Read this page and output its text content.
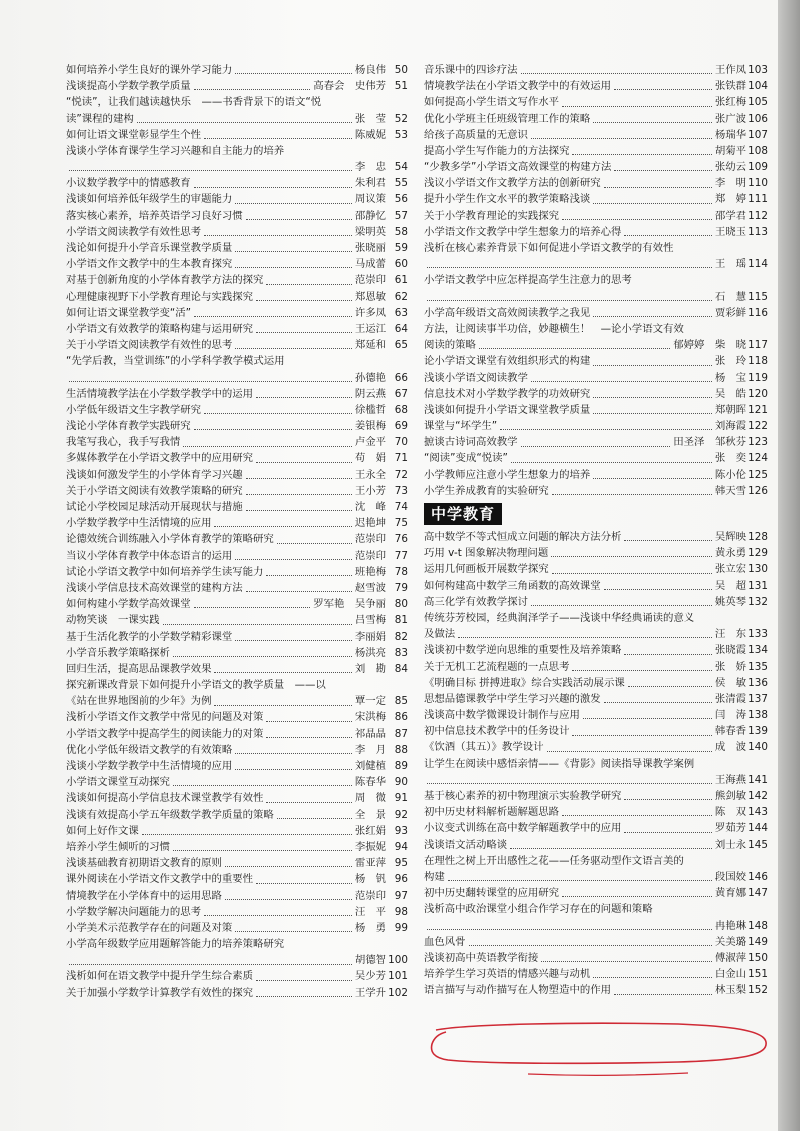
如何培养小学生良好的课外学习能力	杨良伟 50
浅谈提高小学数学教学质量	高春会　史伟芳 51
“悦读”，让我们越读越快乐　——书香背景下的语文“悦
读”课程的建构	张　莹 52
如何让语文课堂彰显学生个性	陈威妮 53
浅谈小学体育课学生学习兴趣和自主能力的培养
李　忠 54
小议数学教学中的情感教育	朱利君 55
浅谈如何培养低年级学生的审题能力	周议策 56
落实核心素养，培养英语学习良好习惯	邵静忆 57
小学语文阅读教学有效性思考	梁明英 58
浅论如何提升小学音乐课堂教学质量	张晓丽 59
小学语文作文教学中的生本教育探究	马成蕾 60
对基于创新角度的小学体育教学方法的探究	范崇印 61
心理健康视野下小学教育理论与实践探究	郑恩敏 62
如何让语文课堂教学变“活”	许多凤 63
小学语文有效教学的策略构建与运用研究	王运江 64
关于小学语文阅读教学有效性的思考	郑延和 65
“先学后教，当堂训练”的小学科学教学模式运用
孙德艳 66
生活情境教学法在小学数学教学中的运用	阴云燕 67
小学低年级语文生字教学研究	徐槛哲 68
浅论小学体育教学实践研究	姜银梅 69
我笔写我心，我手写我情	卢金平 70
多媒体教学在小学语文教学中的应用研究	苟　娟 71
浅谈如何激发学生的小学体育学习兴趣	王永全 72
关于小学语文阅读有效教学策略的研究	王小芳 73
试论小学校园足球活动开展现状与措施	沈　峰 74
小学数学教学中生活情境的应用	迟艳坤 75
论德效统合训练融入小学体育教学的策略研究	范崇印 76
当议小学体育教学中体态语言的运用	范崇印 77
试论小学语文教学中如何培养学生读写能力	班艳梅 78
浅谈小学信息技术高效课堂的建构方法	赵雪波 79
如何构建小学数学高效课堂	罗军艳　吴争丽 80
动物笑谈　一课实践	吕雪梅 81
基于生活化教学的小学数学精彩课堂	李丽娟 82
小学音乐教学策略探析	杨洪亮 83
回归生活，提高思品课教学效果	刘　勘 84
探究新课改背景下如何提升小学语文的教学质量　——以
《站在世界地图前的少年》为例	覃一定 85
浅析小学语文作文教学中常见的问题及对策	宋洪梅 86
小学语文教学中提高学生的阅读能力的对策	祁晶晶 87
优化小学低年级语文教学的有效策略	李　月 88
浅谈小学数学教学中生活情境的应用	刘健植 89
小学语文课堂互动探究	陈春华 90
浅谈如何提高小学信息技术课堂教学有效性	周　微 91
浅谈有效提高小学五年级数学教学质量的策略	全　景 92
如何上好作文课	张红娟 93
培养小学生倾听的习惯	李振妮 94
浅谈基础教育初期语文教育的原则	雷亚萍 95
课外阅读在小学语文作文教学中的重要性	杨　钒 96
情境教学在小学体育中的运用思路	范崇印 97
小学数学解决问题能力的思考	汪　平 98
小学美术示范教学存在的问题及对策	杨　勇 99
小学高年级数学应用题解答能力的培养策略研究
胡德智 100
浅析如何在语文教学中提升学生综合素质	吴少芳 101
关于加强小学数学计算教学有效性的探究	王学升 102
音乐课中的四诊疗法	王作凤 103
情境教学法在小学语文教学中的有效运用	张铁群 104
如何提高小学生语文写作水平	张红梅 105
优化小学班主任班级管理工作的策略	张广波 106
给孩子高质量的无意识	杨瑞华 107
提高小学生写作能力的方法探究	胡菊平 108
“少教多学”小学语文高效课堂的构建方法	张幼云 109
浅议小学语文作文教学方法的创新研究	李　明 110
提升小学生作文水平的教学策略浅谈	郑　婷 111
关于小学教育理论的实践探究	邵学君 112
小学语文作文教学中学生想象力的培养心得	王晓玉 113
浅析在核心素养背景下如何促进小学语文教学的有效性
王　瑶 114
小学语文教学中应怎样提高学生注意力的思考
石　慧 115
小学高年级语文高效阅读教学之我见	贾彩鲜 116
方法，让阅读事半功倍，妙趣横生！　—论小学语文有效
阅读的策略	郁婷婷　柴　晓 117
论小学语文课堂有效组织形式的构建	张　玲 118
浅谈小学语文阅读教学	杨　宝 119
信息技术对小学数学教学的功效研究	吴　皓 120
浅谈如何提升小学语文课堂教学质量	郑朝晖 121
课堂与“坏学生”	刘海霞 122
摭谈古诗词高效教学	田圣泽　邹秋芬 123
“阅读”变成“悦读”	张　奕 124
小学教师应注意小学生想象力的培养	陈小伦 125
小学生养成教育的实验研究	韩天雪 126
中学教育
高中数学不等式恒成立问题的解决方法分析	吴辉映 128
巧用 v-t 图象解决物理问题	黄永勇 129
运用几何画板开展数学探究	张立宏 130
如何构建高中数学三角函数的高效课堂	吴　超 131
高三化学有效教学探讨	姚英琴 132
传统芬芳校园，经典润泽学子——浅谈中华经典诵读的意义
及做法	汪　东 133
浅谈初中数学逆向思维的重要性及培养策略	张晓霞 134
关于无机工艺流程题的一点思考	张　娇 135
《明确目标 拼搏进取》综合实践活动展示课	侯　敏 136
思想品德课教学中学生学习兴趣的激发	张清霞 137
浅谈高中数学微课设计制作与应用	闫　涛 138
初中信息技术教学中的任务设计	韩春香 139
《饮酒（其五）》教学设计	成　波 140
让学生在阅读中感悟亲情——《背影》阅读指导课教学案例
王海燕 141
基于核心素养的初中物理演示实验教学研究	熊剑敏 142
初中历史材料解析题解题思路	陈　双 143
小议变式训练在高中数学解题教学中的应用	罗茹芳 144
浅谈语文活动略谈	刘士永 145
在理性之树上开出感性之花——任务驱动型作文语言美的
构建	段国姣 146
初中历史翻转课堂的应用研究	黄育娜 147
浅析高中政治课堂小组合作学习存在的问题和策略
冉艳琳 148
血色风骨	关美璐 149
浅谈初高中英语教学衔接	傅淑萍 150
培养学生学习英语的情感兴趣与动机	白金山 151
语言描写与动作描写在人物塑造中的作用	林玉梨 152
